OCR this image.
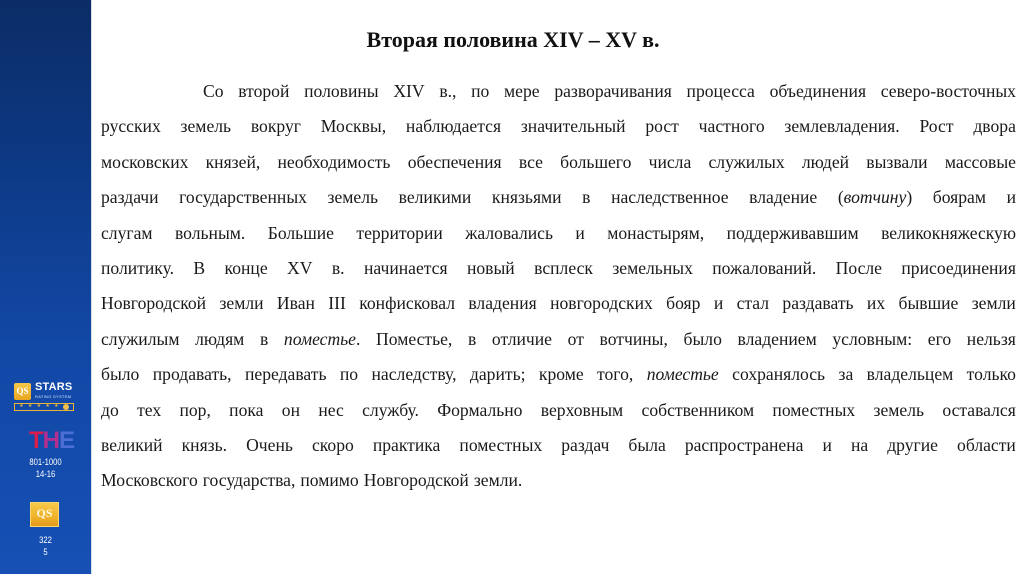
QS STARS
RATING SYSTEM
★ ★ ★ ★ ★
THE
801-1000
14-16
QS
322
5
Вторая половина XIV – XV в.
Со второй половины XIV в., по мере разворачивания процесса объединения северо-восточных
русских земель вокруг Москвы, наблюдается значительный рост частного землевладения. Рост двора
московских князей, необходимость обеспечения все большего числа служилых людей вызвали массовые
раздачи государственных земель великими князьями в наследственное владение (вотчину) боярам и
слугам вольным. Большие территории жаловались и монастырям, поддерживавшим великокняжескую
политику. В конце XV в. начинается новый всплеск земельных пожалований. После присоединения
Новгородской земли Иван III конфисковал владения новгородских бояр и стал раздавать их бывшие земли
служилым людям в поместье. Поместье, в отличие от вотчины, было владением условным: его нельзя
было продавать, передавать по наследству, дарить; кроме того, поместье сохранялось за владельцем только
до тех пор, пока он нес службу. Формально верховным собственником поместных земель оставался
великий князь. Очень скоро практика поместных раздач была распространена и на другие области
Московского государства, помимо Новгородской земли.
